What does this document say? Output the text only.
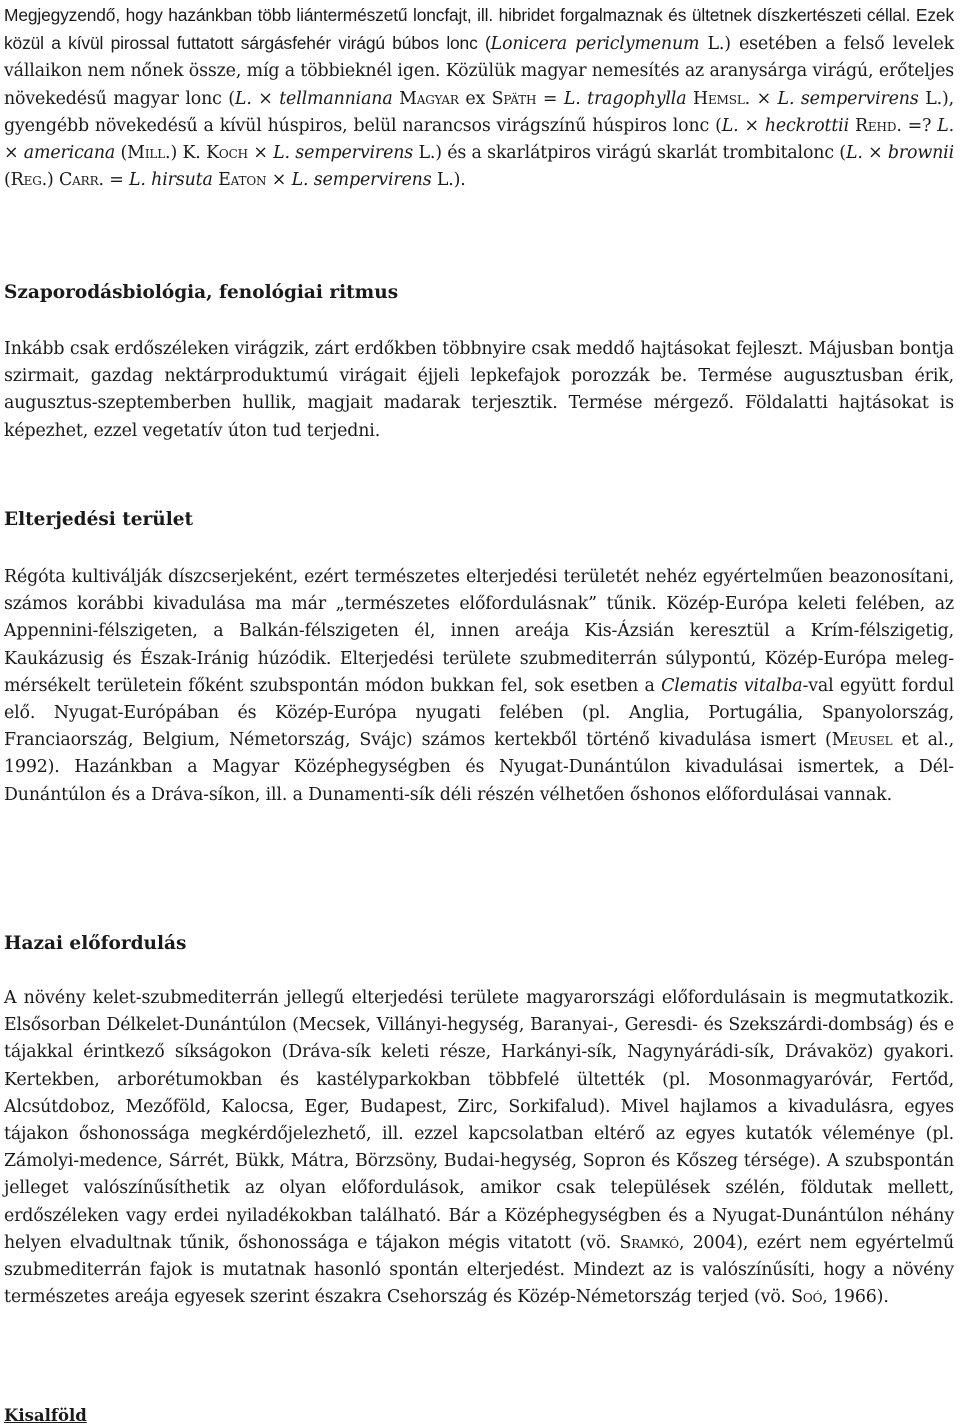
Megjegyzendő, hogy hazánkban több liántermészetű loncfajt, ill. hibridet forgalmaznak és ültetnek díszkertészeti céllal. Ezek közül a kívül pirossal futtatott sárgásfehér virágú búbos lonc (Lonicera periclymenum L.) esetében a felső levelek vállaikon nem nőnek össze, míg a többieknél igen. Közülük magyar nemesítés az aranysárga virágú, erőteljes növekedésű magyar lonc (L. × tellmanniana Magyar ex Späth = L. tragophylla Hemsl. × L. sempervirens L.), gyengébb növekedésű a kívül húspiros, belül narancsos virágszínű húspiros lonc (L. × heckrottii Rehd. =? L. × americana (Mill.) K. Koch × L. sempervirens L.) és a skarlátpiros virágú skarlát trombitalonc (L. × brownii (Reg.) Carr. = L. hirsuta Eaton × L. sempervirens L.).

Szaporodásbiológia, fenológiai ritmus

Inkább csak erdőszéleken virágzik, zárt erdőkben többnyire csak meddő hajtásokat fejleszt. Májusban bontja szirmait, gazdag nektárproduktumú virágait éjjeli lepkefajok porozzák be. Termése augusztusban érik, augusztus-szeptemberben hullik, magjait madarak terjesztik. Termése mérgező. Földalatti hajtásokat is képezhet, ezzel vegetatív úton tud terjedni.

Elterjedési terület

Régóta kultiválják díszcserjeként, ezért természetes elterjedési területét nehéz egyértelműen beazonosítani, számos korábbi kivadulása ma már „természetes előfordulásnak” tűnik. Közép-Európa keleti felében, az Appennini-félszigeten, a Balkán-félszigeten él, innen areája Kis-Ázsián keresztül a Krím-félszigetig, Kaukázusig és Észak-Iránig húzódik. Elterjedési területe szubmediterrán súlypontú, Közép-Európa meleg-mérsékelt területein főként szubspontán módon bukkan fel, sok esetben a Clematis vitalba-val együtt fordul elő. Nyugat-Európában és Közép-Európa nyugati felében (pl. Anglia, Portugália, Spanyolország, Franciaország, Belgium, Németország, Svájc) számos kertekből történő kivadulása ismert (Meusel et al., 1992). Hazánkban a Magyar Középhegységben és Nyugat-Dunántúlon kivadulásai ismertek, a Dél-Dunántúlon és a Dráva-síkon, ill. a Dunamenti-sík déli részén vélhetően őshonos előfordulásai vannak.

Hazai előfordulás

A növény kelet-szubmediterrán jellegű elterjedési területe magyarországi előfordulásain is megmutatkozik. Elsősorban Délkelet-Dunántúlon (Mecsek, Villányi-hegység, Baranyai-, Geresdi- és Szekszárdi-dombság) és e tájakkal érintkező síkságokon (Dráva-sík keleti része, Harkányi-sík, Nagynyárádi-sík, Drávaköz) gyakori. Kertekben, arborétumokban és kastélyparkokban többfelé ültették (pl. Mosonmagyaróvár, Fertőd, Alcsútdoboz, Mezőföld, Kalocsa, Eger, Budapest, Zirc, Sorkifalud). Mivel hajlamos a kivadulásra, egyes tájakon őshonossága megkérdőjelezhető, ill. ezzel kapcsolatban eltérő az egyes kutatók véleménye (pl. Zámolyi-medence, Sárrét, Bükk, Mátra, Börzsöny, Budai-hegység, Sopron és Kőszeg térsége). A szubspontán jelleget valószínűsíthetik az olyan előfordulások, amikor csak települések szélén, földutak mellett, erdőszéleken vagy erdei nyiladékokban található. Bár a Középhegységben és a Nyugat-Dunántúlon néhány helyen elvadultnak tűnik, őshonossága e tájakon mégis vitatott (vö. Sramkó, 2004), ezért nem egyértelmű szubmediterrán fajok is mutatnak hasonló spontán elterjedést. Mindezt az is valószínűsíti, hogy a növény természetes areája egyesek szerint északra Csehország és Közép-Németország terjed (vö. Soó, 1966).

Kisalföld
